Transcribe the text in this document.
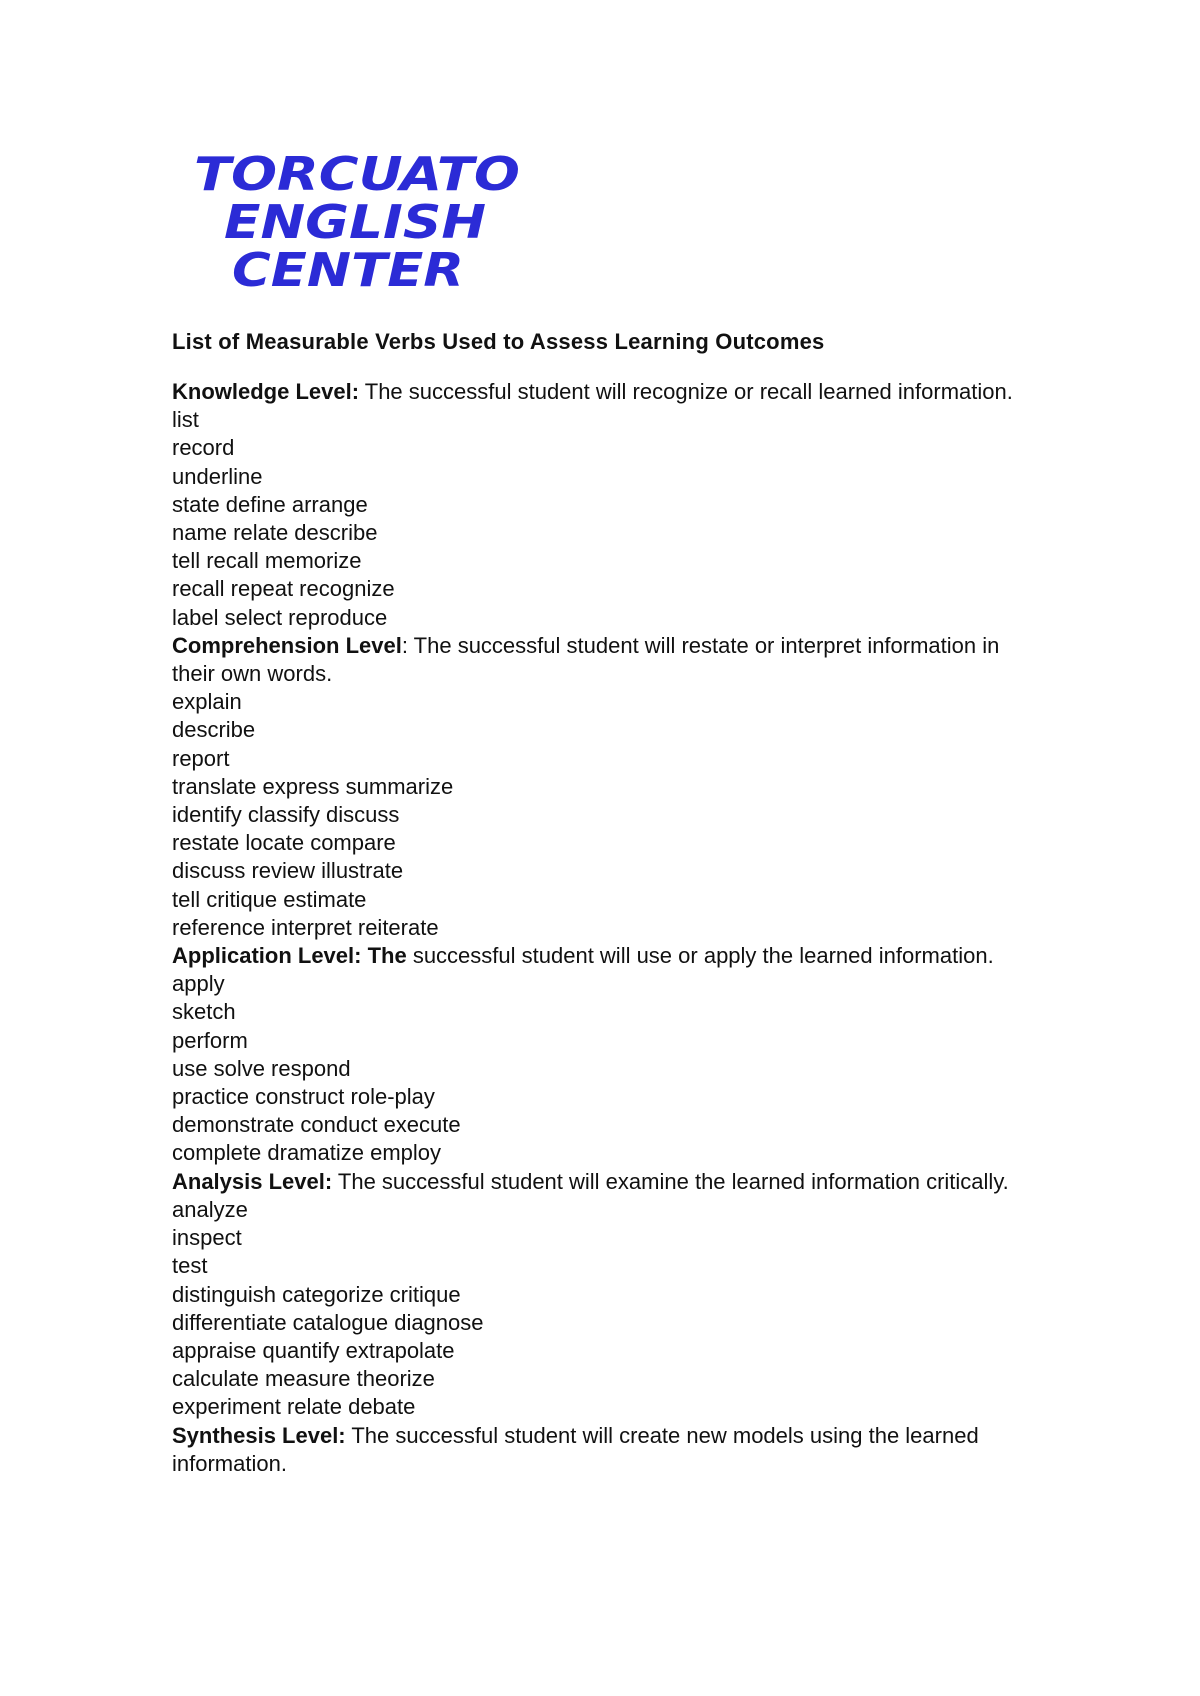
TORCUATO
ENGLISH
CENTER
List of Measurable Verbs Used to Assess Learning Outcomes
Knowledge Level: The successful student will recognize or recall learned information.
list
record
underline
state define arrange
name relate describe
tell recall memorize
recall repeat recognize
label select reproduce
Comprehension Level: The successful student will restate or interpret information in their own words.
explain
describe
report
translate express summarize
identify classify discuss
restate locate compare
discuss review illustrate
tell critique estimate
reference interpret reiterate
Application Level: The successful student will use or apply the learned information.
apply
sketch
perform
use solve respond
practice construct role-play
demonstrate conduct execute
complete dramatize employ
Analysis Level: The successful student will examine the learned information critically.
analyze
inspect
test
distinguish categorize critique
differentiate catalogue diagnose
appraise quantify extrapolate
calculate measure theorize
experiment relate debate
Synthesis Level: The successful student will create new models using the learned information.
